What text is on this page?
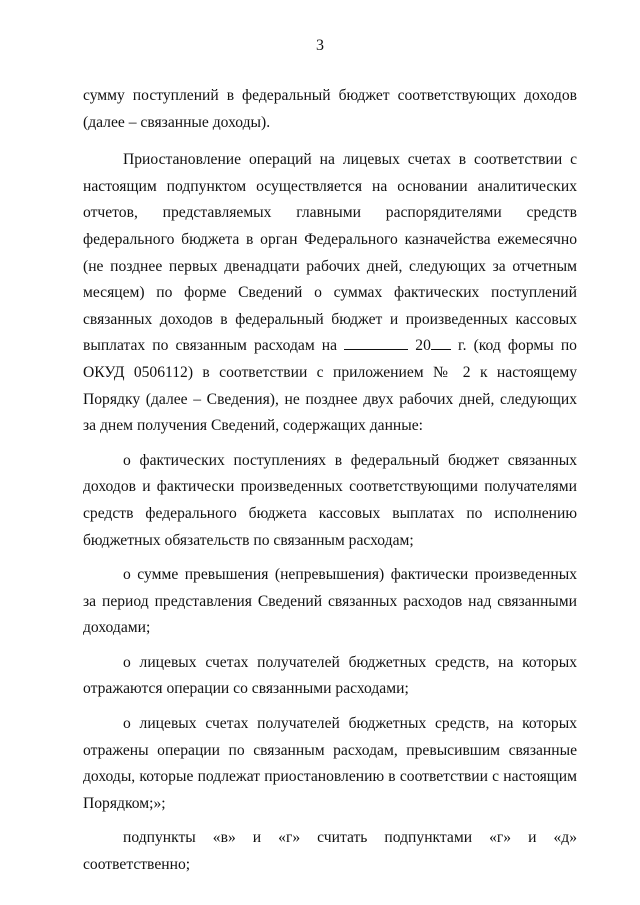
3

сумму поступлений в федеральный бюджет соответствующих доходов (далее – связанные доходы).

Приостановление операций на лицевых счетах в соответствии с настоящим подпунктом осуществляется на основании аналитических отчетов, представляемых главными распорядителями средств федерального бюджета в орган Федерального казначейства ежемесячно (не позднее первых двенадцати рабочих дней, следующих за отчетным месяцем) по форме Сведений о суммах фактических поступлений связанных доходов в федеральный бюджет и произведенных кассовых выплатах по связанным расходам на	20 г. (код формы по ОКУД 0506112) в соответствии с приложением № 2 к настоящему Порядку (далее – Сведения), не позднее двух рабочих дней, следующих за днем получения Сведений, содержащих данные:

о фактических поступлениях в федеральный бюджет связанных доходов и фактически произведенных соответствующими получателями средств федерального бюджета кассовых выплатах по исполнению бюджетных обязательств по связанным расходам;

о сумме превышения (непревышения) фактически произведенных за период представления Сведений связанных расходов над связанными доходами;

о лицевых счетах получателей бюджетных средств, на которых отражаются операции со связанными расходами;

о лицевых счетах получателей бюджетных средств, на которых отражены операции по связанным расходам, превысившим связанные доходы, которые подлежат приостановлению в соответствии с настоящим Порядком;»;

подпункты «в» и «г» считать подпунктами «г» и «д» соответственно;
